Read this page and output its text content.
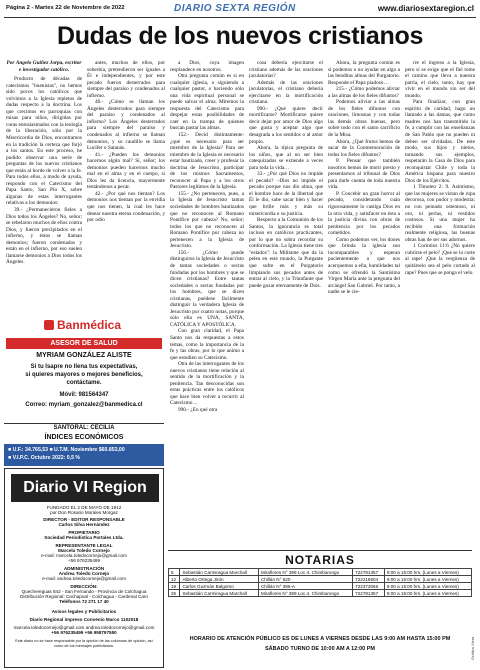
Página 2 - Martes 22 de Noviembre de 2022	DIARIO SEXTA REGIÓN	www.diariosextaregion.cl
Dudas de los nuevos cristianos

Por Ángelo Guiñez Jorpa, escritor e investigador católico.

Producto de décadas de catecismos "buenistas", no hemos sido pocos los católicos que volvimos a la Iglesia repletos de dudas respecto a la doctrina. Los que crecimos en parroquias con misas para niños, dirigidas por curas entusiasmados con la teología de la liberación, sólo por la Misericordia de Dios, encontramos en la tradición la certeza que forjó a los santos. En este proceso, he podido observar una serie de preguntas de los nuevos cristianos que están al borde de volver a la fe. Para todos ellos, a modo de ayuda, respondo con el Catecismo del Papa Santo, San Pío X, sobre algunas de estas interrogantes relativas a los demonios:

39.- ¿Permanecieron fieles a Dios todos los Ángeles? No, señor; se rebelaron muchos de ellos contra Dios, y fueron precipitados en el infierno, y éstos se llaman demonios; fueron condenados y están en el infierno, por eso suelen llamarse demonios a Dios todos los Ángeles.

antes, muchos de ellos, por soberbia, pretendieron ser iguales a Él e independientes, y por este pecado fueron desterrados para siempre del paraíso y condenados al infierno.

40.- ¿Cómo se llaman los Ángeles desterrados para siempre del paraíso y condenados al infierno? Los Ángeles desterrados para siempre del paraíso y condenados al infierno se llaman demonios, y su caudillo se llama Lucifer o Satanás.

41.- ¿Pueden los demonios hacernos algún mal? Sí, señor; los demonios pueden hacernos mucho mal en el alma y en el cuerpo, si Dios les da licencia, mayormente tentándonos a pecar.

42.- ¿Por qué nos tientan? Los demonios nos tientan por la envidia que nos tienen, la cual les hace desear nuestra eterna condenación, y por odio

a Dios, cuya imagen resplandece en nosotros.

Otra pregunta común es si en cualquier iglesia, o siguiendo a cualquier pastor, o haciendo sólo una vida espiritual personal se puede salvar el alma. Miremos la respuesta del Catecismo para despejar estas posibilidades de caer en la trampa de quienes buscan pastar las almas.

152.- Decid distintamente: ¿qué es necesario para ser miembro de la Iglesia? Para ser miembro de la Iglesia es necesario estar bautizado, creer y profesar la doctrina de Jesucristo, participar de los mismos Sacramentos, reconocer al Papa y a los otros Pastores legítimos de la Iglesia.

155.- ¿No pertenecen, pues, a la Iglesia de Jesucristo tantas sociedades de hombres bautizados que no reconocen al Romano Pontífice por cabeza? No, señor; todos los que no reconocen al Romano Pontífice por cabeza no pertenecen a la Iglesia de Jesucristo.

156.- ¿Cómo puede distinguirse la Iglesia de Jesucristo de tantas sociedades o sectas fundadas por los hombres y que se dicen cristianas? Entre tantas sociedades o sectas fundadas por los hombres, que se dicen cristianas, puédese fácilmente distinguir la verdadera Iglesia de Jesucristo por cuatro notas, porque sólo ella es UNA, SANTA, CATÓLICA Y APOSTÓLICA.

Con gran claridad, el Papa Santo nos da respuestas a estos temas, como la importancia de la fe y las obras, por lo que animo a que estudien su Catecismo.

Otra de las interrogantes de los nuevos cristianos tiene relación al sentido de la mortificación y la penitencia. Tan desconocidas son estas prácticas entre los católicos que hace bien volver a recurrir al Catecismo…

990.- ¿En qué otra

cosa debería ejercitarse el cristiano además de las oraciones jaculatorias?

Además de las oraciones jaculatorias, el cristiano debería ejercitarse en la mortificación cristiana.

990.- ¿Qué quiere decir mortificarse? Mortificarse quiere decir dejar por amor de Dios algo que gusta y aceptar algo que desagrada a los sentidos o al amor propio.

Ahora, la típica pregunta de los niños, que al no ser bien catequizados se extiende a veces para toda la vida…

33.- ¿Por qué Dios no impide el pecado? –Dios no impide el pecado porque nos dio alma, que el hombre hace de la libertad que Él le dio, sabe sacar bien y hacer que brille más y más su misericordia o su justicia.

Respecto a la Comunión de los Santos, la ignorancia es total incluso en católicos practicantes, por lo que no sobra recordar su conformación. La Iglesia tiene tres "estados": la Militante que da la pelea en este mundo, la Purgante que sufre en el Purgatorio limpiando sus pecados antes de entrar al cielo, y la Triunfante que puede gozar eternamente de Dios.

Ahora, la pregunta común es si podemos o no ayudar en algo a las benditas almas del Purgatorio. Responde el Papa piadoso…

215.- ¿Cómo podemos aliviar a las almas de los fieles difuntos?

Podemos aliviar a las almas de los fieles difuntos con oraciones, limosnas y con todas las demás obras buenas, pero sobre todo con el santo sacrificio de la Misa.

Ahora, ¿Qué frutos hemos de sacar de la Conmemoración de todos los fieles difuntos?

P. Pensar que también nosotros hemos de morir presto y presentarnos al tribunal de Dios para darle cuenta de toda nuestra vida.

P. Concebir un gran horror al pecado, considerando cuán rigurosamente lo castiga Dios en la otra vida, y satisfacer en ésta a la justicia divina con obras de penitencia por los pecados cometidos.

Como podemos ver, los dones que brinda la iglesia son incomparables y esperan pacientemente a que nos acerquemos a ella, humildades tal como se ofrendó la Santísima Virgen María ante la pregunta del arcángel San Gabriel. Por tanto, a nadie se le cie-

rre el ingreso a la Iglesia, pero sí se exige que el fiel tome el camino que lleva a nuestra patria, el cielo, tanto, hay que vivir en el mundo sin ser del mundo.

Para finalizar, con gran espíritu de caridad, hago un llamado a las damas, que como madres nos han transmitido la fe, a cumplir con las enseñanzas de San Pablo que no pueden ni deben ser olvidadas. De este modo, sus hijos y nietos, tomando sus ejemplos, respetarán la Casa de Dios para reconquistar Chile y toda la América hispana para nuestro Dios de los Ejércitos.

1 Timoteo 2: 9. Asimismo, que las mujeres se vistan de ropa decorosa, con pudor y modestia; no con peinado ostentoso, ni oro, ni perlas, ni vestidos costosos. Si una mujer ha recibido una formación realmente religiosa, las buenas obras han de ser sus adornos.

1 Corintios 11:6 ¿No quiere cubrirse el pelo? ¡Que se lo corte al rape! ¡Que la vergüenza de quitárselo sea el pelo cortado al rape? Pues que se ponga el velo.

Banmédica
ASESOR DE SALUD
MYRIAM GONZÁLEZ ALISTE
Si tu Isapre no llena tus expectativas,
si quieres mayores o mejores beneficios,
contáctame.
Móvil: 981564347
Correo: myriam_gonzalez@banmedica.cl
SANTORAL: CECILIA
ÍNDICES ECONÓMICOS
■ U.F.: 34.765,53 ■ U.T.M. Noviembre $60.853,00
■ V.I.P.C. Octubre 2022: 0,5 %
Diario VI Region
FUNDADO EL 2 DE MAYO DE 1912
por Don Rosario Morales Morgaz
DIRECTOR - EDITOR RESPONSABLE
Carlos Silva Hernández
PROPIETARIO
Sociedad Periodística Portales Ltda.
REPRESENTANTE LEGAL
Marcela Toledo Cornejo
e-mail: marcela.toledocornejo@gmail.com
+56 976235499
ADMINISTRACIÓN
Andrea Toledo Cornejo
e-mail: andrea.toledocornejo@gmail.com
DIRECCIÓN:
Quechereguas 842 - San Fernando - Provincia de Colchagua
Distribución Regional: Cachapoal - Colchagua - Cardenal Caro
Teléfonos 72 271 17 40
Avisos legales y Publicitarios
Diario Regional impreso Convenio Marco 1102018
marcela.toledocornejo@gmail.com andrea.toledocornejo@gmail.com
+56 976235499 +56 958797550
Este diario no se hace responsable por la opinión de las columnas de opinión, así como de los mensajes publicitarios.
NOTARIAS
5	Sebastián Carmiragua Marchall	Miraflores N° 399 Loc.4. Chimbarongo	722781357	9:00 a 15:00 hrs. (Lunes a Viernes)
12	Alberto Ortega Jirón	Chillán N° 620	722218604	9:00 a 15:00 hrs. (Lunes a Viernes)
19	Carlos Guzmán Balgomo	Chillán N° 395-A	722373066	9:00 a 15:00 hrs. (Lunes a Viernes)
26	Sebastián Carmiragua Marchall	Miraflores N° 399 Loc.4. Chimbarongo	722781357	9:00 a 15:00 hrs. (Lunes a Viernes)
HORARIO DE ATENCIÓN PÚBLICO ES DE LUNES A VIERNES DESDE LAS 9:00 AM HASTA 15:00 PM
SÁBADO TURNO DE 10:00 AM A 12:00 PM	Gráfica Viera
